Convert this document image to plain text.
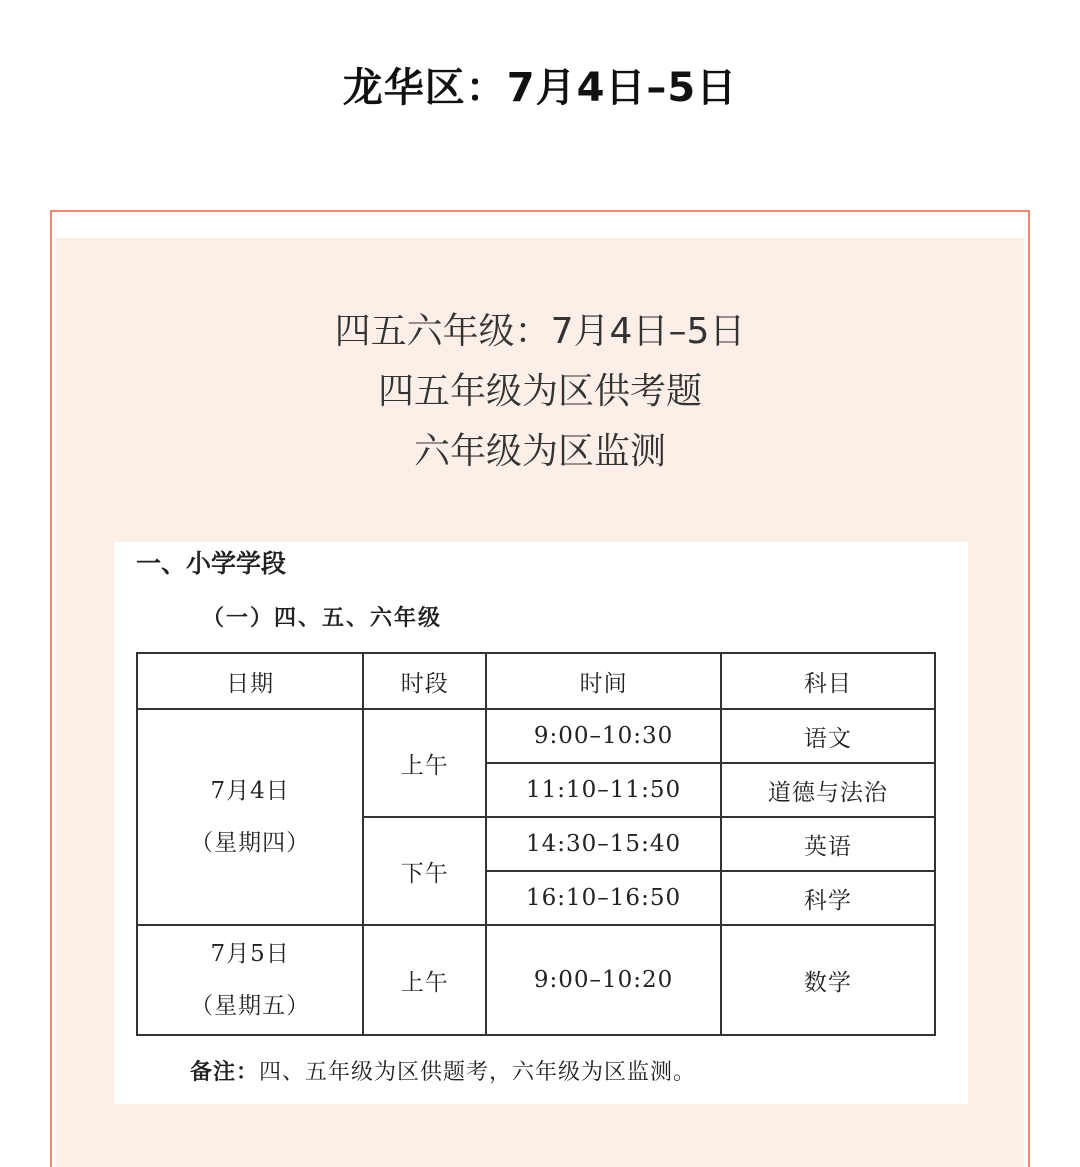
龙华区：7月4日–5日
四五六年级：7月4日–5日
四五年级为区供考题
六年级为区监测
一、小学学段
（一）四、五、六年级
日期	时段	时间	科目

7月4日
（星期四）	上午	9:00–10:30	语文
		11:10–11:50	道德与法治
	下午	14:30–15:40	英语
		16:10–16:50	科学

7月5日
（星期五）	上午	9:00–10:20	数学
备注：四、五年级为区供题考，六年级为区监测。
